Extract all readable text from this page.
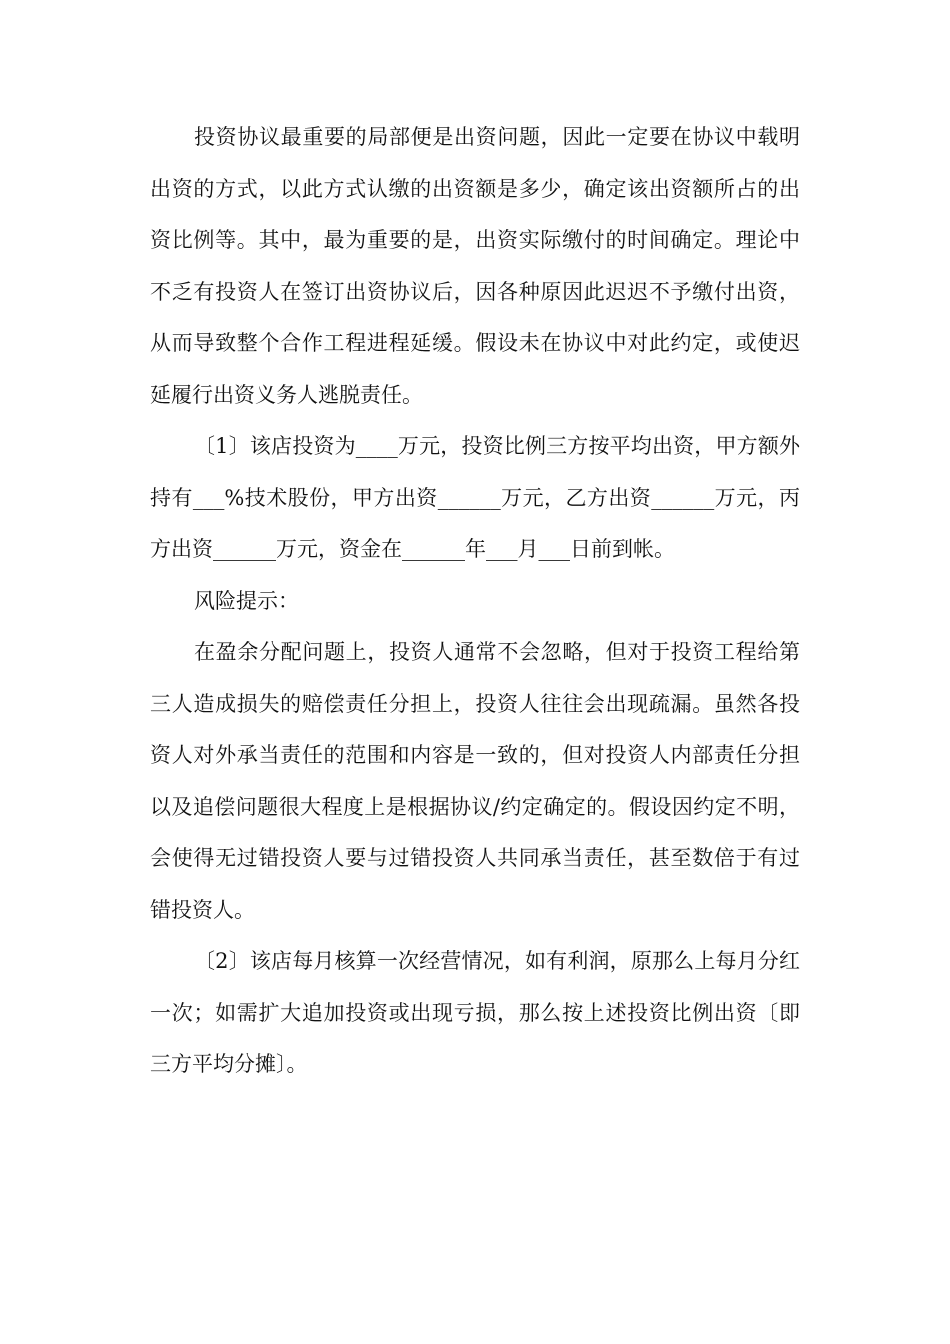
投资协议最重要的局部便是出资问题，因此一定要在协议中载明出资的方式，以此方式认缴的出资额是多少，确定该出资额所占的出资比例等。其中，最为重要的是，出资实际缴付的时间确定。理论中不乏有投资人在签订出资协议后，因各种原因此迟迟不予缴付出资，从而导致整个合作工程进程延缓。假设未在协议中对此约定，或使迟延履行出资义务人逃脱责任。

〔1〕该店投资为____万元，投资比例三方按平均出资，甲方额外持有___%技术股份，甲方出资______万元，乙方出资______万元，丙方出资______万元，资金在______年___月___日前到帐。

风险提示：

在盈余分配问题上，投资人通常不会忽略，但对于投资工程给第三人造成损失的赔偿责任分担上，投资人往往会出现疏漏。虽然各投资人对外承当责任的范围和内容是一致的，但对投资人内部责任分担以及追偿问题很大程度上是根据协议/约定确定的。假设因约定不明，会使得无过错投资人要与过错投资人共同承当责任，甚至数倍于有过错投资人。

〔2〕该店每月核算一次经营情况，如有利润，原那么上每月分红一次；如需扩大追加投资或出现亏损，那么按上述投资比例出资〔即三方平均分摊〕。
